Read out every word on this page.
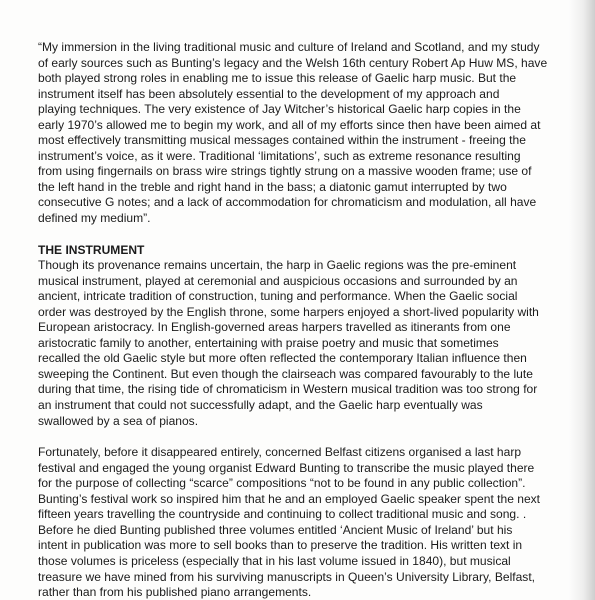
“My immersion in the living traditional music and culture of Ireland and Scotland, and my study

of early sources such as Bunting’s legacy and the Welsh 16th century Robert Ap Huw MS, have

both played strong roles in enabling me to issue this release of Gaelic harp music. But the

instrument itself has been absolutely essential to the development of my approach and

playing techniques. The very existence of Jay Witcher’s historical Gaelic harp copies in the

early 1970’s allowed me to begin my work, and all of my efforts since then have been aimed at

most effectively transmitting musical messages contained within the instrument - freeing the

instrument’s voice, as it were. Traditional ‘limitations’, such as extreme resonance resulting

from using fingernails on brass wire strings tightly strung on a massive wooden frame; use of

the left hand in the treble and right hand in the bass; a diatonic gamut interrupted by two

consecutive G notes; and a lack of accommodation for chromaticism and modulation, all have

defined my medium”.

THE INSTRUMENT

Though its provenance remains uncertain, the harp in Gaelic regions was the pre-eminent

musical instrument, played at ceremonial and auspicious occasions and surrounded by an

ancient, intricate tradition of construction, tuning and performance. When the Gaelic social

order was destroyed by the English throne, some harpers enjoyed a short-lived popularity with

European aristocracy. In English-governed areas harpers travelled as itinerants from one

aristocratic family to another, entertaining with praise poetry and music that sometimes

recalled the old Gaelic style but more often reflected the contemporary Italian influence then

sweeping the Continent. But even though the clairseach was compared favourably to the lute

during that time, the rising tide of chromaticism in Western musical tradition was too strong for

an instrument that could not successfully adapt, and the Gaelic harp eventually was

swallowed by a sea of pianos.

Fortunately, before it disappeared entirely, concerned Belfast citizens organised a last harp

festival and engaged the young organist Edward Bunting to transcribe the music played there

for the purpose of collecting “scarce” compositions “not to be found in any public collection”.

Bunting’s festival work so inspired him that he and an employed Gaelic speaker spent the next

fifteen years travelling the countryside and continuing to collect traditional music and song. .

Before he died Bunting published three volumes entitled ‘Ancient Music of Ireland’ but his

intent in publication was more to sell books than to preserve the tradition. His written text in

those volumes is priceless (especially that in his last volume issued in 1840), but musical

treasure we have mined from his surviving manuscripts in Queen’s University Library, Belfast,

rather than from his published piano arrangements.
